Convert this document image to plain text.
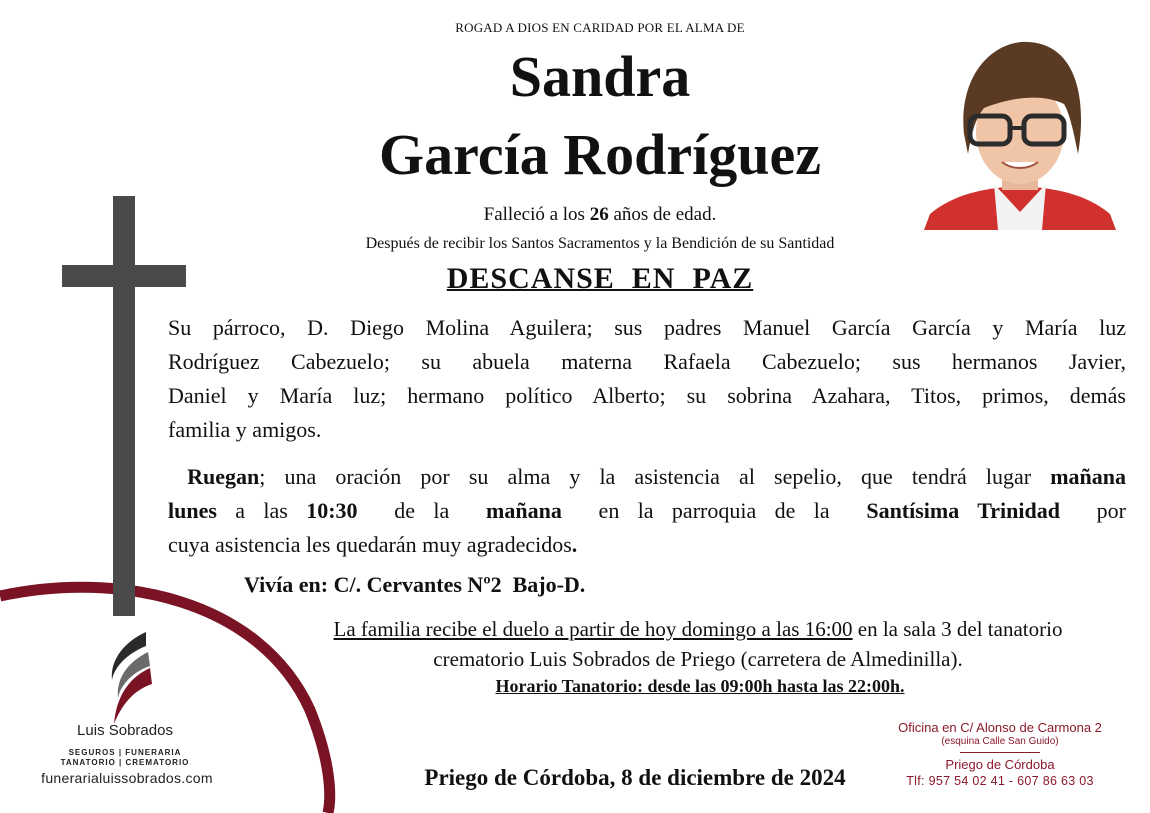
ROGAD A DIOS EN CARIDAD POR EL ALMA DE
Sandra
García Rodríguez
Falleció a los 26 años de edad.
Después de recibir los Santos Sacramentos y la Bendición de su Santidad
DESCANSE  EN  PAZ
Su párroco, D. Diego Molina Aguilera; sus padres Manuel García García y María luz
Rodríguez Cabezuelo; su abuela materna Rafaela Cabezuelo; sus hermanos Javier,
Daniel y María luz; hermano político Alberto; su sobrina Azahara, Titos, primos, demás
familia y amigos.
Ruegan; una oración por su alma y la asistencia al sepelio, que tendrá lugar mañana
lunes a las 10:30  de la  mañana  en la parroquia de la  Santísima Trinidad  por
cuya asistencia les quedarán muy agradecidos.
Vivía en: C/. Cervantes Nº2  Bajo-D.
La familia recibe el duelo a partir de hoy domingo a las 16:00 en la sala 3 del tanatorio
crematorio Luis Sobrados de Priego (carretera de Almedinilla).
Horario Tanatorio: desde las 09:00h hasta las 22:00h.
Priego de Córdoba, 8 de diciembre de 2024
Luis Sobrados
SEGUROS | FUNERARIA
TANATORIO | CREMATORIO
funerarialuissobrados.com
Oficina en C/ Alonso de Carmona 2
(esquina Calle San Guido)
Priego de Córdoba
Tlf: 957 54 02 41 - 607 86 63 03
